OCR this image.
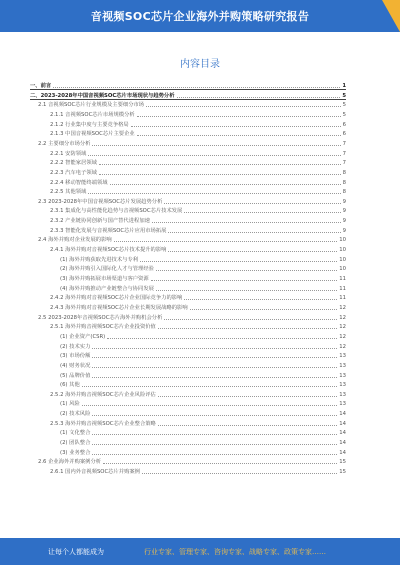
音视频SOC芯片企业海外并购策略研究报告
内容目录
一、前言	1
二、2023-2028年中国音视频SOC芯片市场现状与趋势分析	5
2.1 音视频SOC芯片行业规模及主要细分市场	5
2.1.1 音视频SOC芯片市场规模分析	5
2.1.2 行业集中度与主要竞争格局	6
2.1.3 中国音视频SOC芯片主要企业	6
2.2 主要细分市场分析	7
2.2.1 安防领域	7
2.2.2 智能家居领域	7
2.2.3 汽车电子领域	8
2.2.4 移动智能终端领域	8
2.2.5 其他领域	8
2.3 2023-2028年中国音视频SOC芯片发展趋势分析	9
2.3.1 集成化与高性能化趋势与音视频SOC芯片技术发展	9
2.3.2 产业链协同创新与国产替代进程加速	9
2.3.3 智能化发展与音视频SOC芯片应用市场拓展	9
2.4 海外并购对企业发展的影响	10
2.4.1 海外并购对音视频SOC芯片技术提升的影响	10
(1) 海外并购获取先进技术与专利	10
(2) 海外并购引入国际化人才与管理经验	10
(3) 海外并购拓展市场渠道与客户资源	11
(4) 海外并购推动产业链整合与协同发展	11
2.4.2 海外并购对音视频SOC芯片企业国际竞争力的影响	11
2.4.3 海外并购对音视频SOC芯片企业长期发展战略的影响	12
2.5 2023-2028年音视频SOC芯片海外并购机会分析	12
2.5.1 海外并购音视频SOC芯片企业投资价值	12
(1) 企业资产(CSR)	12
(2) 技术实力	12
(3) 市场份额	13
(4) 财务状况	13
(5) 品牌价值	13
(6) 其他	13
2.5.2 海外并购音视频SOC芯片企业风险评估	13
(1) 风险	13
(2) 技术风险	14
2.5.3 海外并购音视频SOC芯片企业整合策略	14
(1) 文化整合	14
(2) 团队整合	14
(3) 业务整合	14
2.6 企业海外并购案例分析	15
2.6.1 国内外音视频SOC芯片并购案例	15
让每个人都能成为	行业专家、管理专家、咨询专家、战略专家、政策专家……
